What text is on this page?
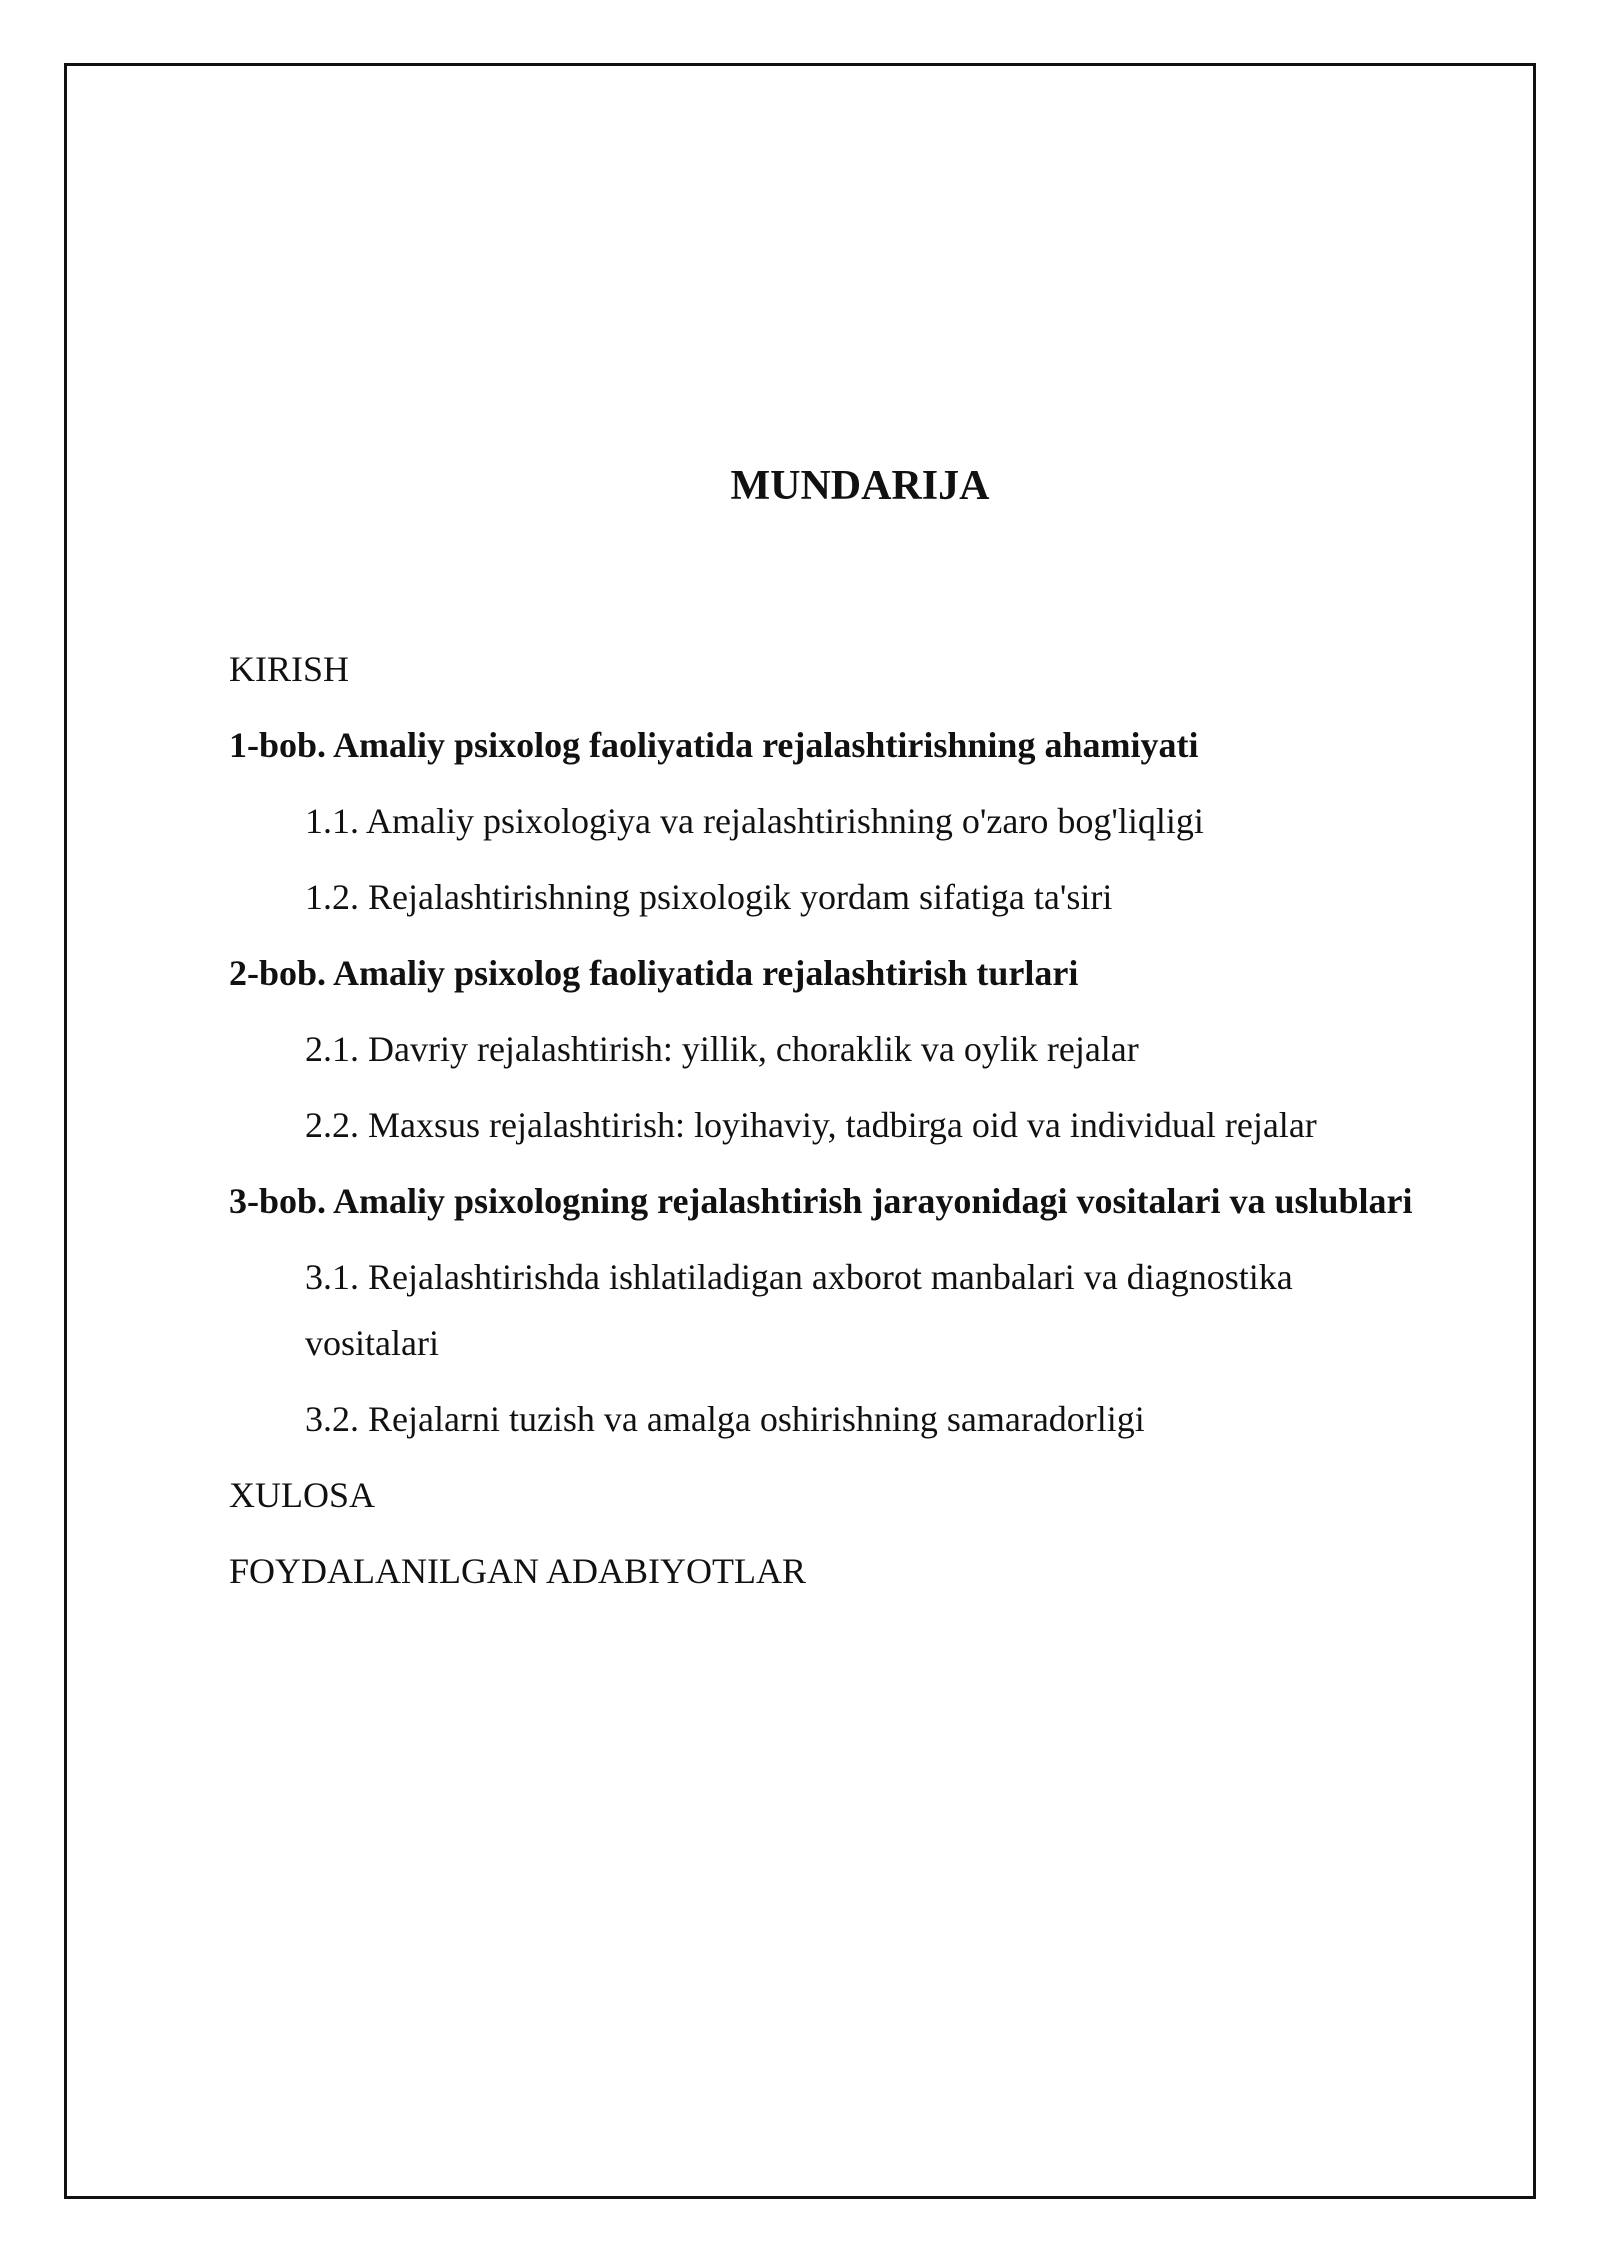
MUNDARIJA
KIRISH
1-bob. Amaliy psixolog faoliyatida rejalashtirishning ahamiyati
1.1. Amaliy psixologiya va rejalashtirishning o'zaro bog'liqligi
1.2. Rejalashtirishning psixologik yordam sifatiga ta'siri
2-bob. Amaliy psixolog faoliyatida rejalashtirish turlari
2.1. Davriy rejalashtirish: yillik, choraklik va oylik rejalar
2.2. Maxsus rejalashtirish: loyihaviy, tadbirga oid va individual rejalar
3-bob. Amaliy psixologning rejalashtirish jarayonidagi vositalari va uslublari
3.1. Rejalashtirishda ishlatiladigan axborot manbalari va diagnostika vositalari
3.2. Rejalarni tuzish va amalga oshirishning samaradorligi
XULOSA
FOYDALANILGAN ADABIYOTLAR
